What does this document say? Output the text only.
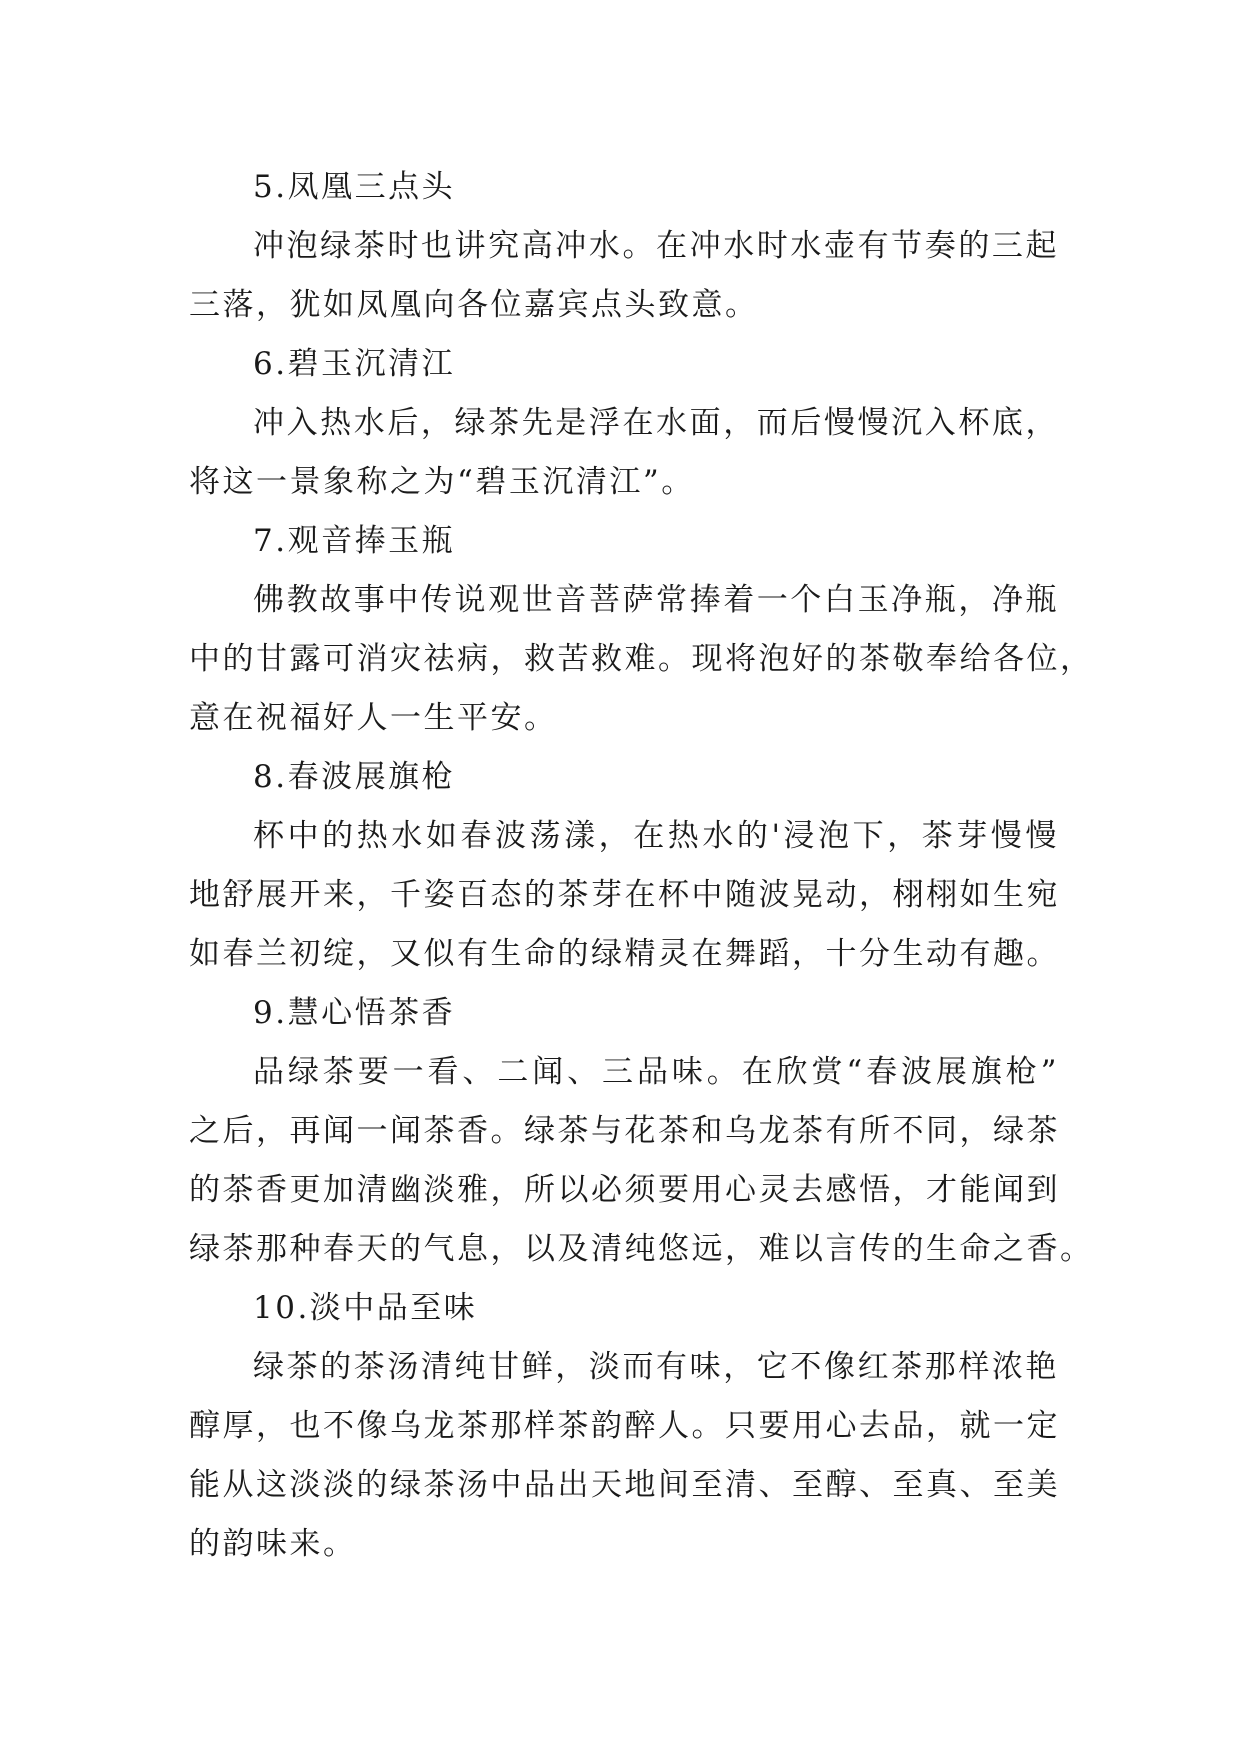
5.凤凰三点头
冲泡绿茶时也讲究高冲水。在冲水时水壶有节奏的三起
三落，犹如凤凰向各位嘉宾点头致意。
6.碧玉沉清江
冲入热水后，绿茶先是浮在水面，而后慢慢沉入杯底，
将这一景象称之为“碧玉沉清江”。
7.观音捧玉瓶
佛教故事中传说观世音菩萨常捧着一个白玉净瓶，净瓶
中的甘露可消灾祛病，救苦救难。现将泡好的茶敬奉给各位，
意在祝福好人一生平安。
8.春波展旗枪
杯中的热水如春波荡漾，在热水的'浸泡下，茶芽慢慢
地舒展开来，千姿百态的茶芽在杯中随波晃动，栩栩如生宛
如春兰初绽，又似有生命的绿精灵在舞蹈，十分生动有趣。
9.慧心悟茶香
品绿茶要一看、二闻、三品味。在欣赏“春波展旗枪”
之后，再闻一闻茶香。绿茶与花茶和乌龙茶有所不同，绿茶
的茶香更加清幽淡雅，所以必须要用心灵去感悟，才能闻到
绿茶那种春天的气息，以及清纯悠远，难以言传的生命之香。
10.淡中品至味
绿茶的茶汤清纯甘鲜，淡而有味，它不像红茶那样浓艳
醇厚，也不像乌龙茶那样茶韵醉人。只要用心去品，就一定
能从这淡淡的绿茶汤中品出天地间至清、至醇、至真、至美
的韵味来。
